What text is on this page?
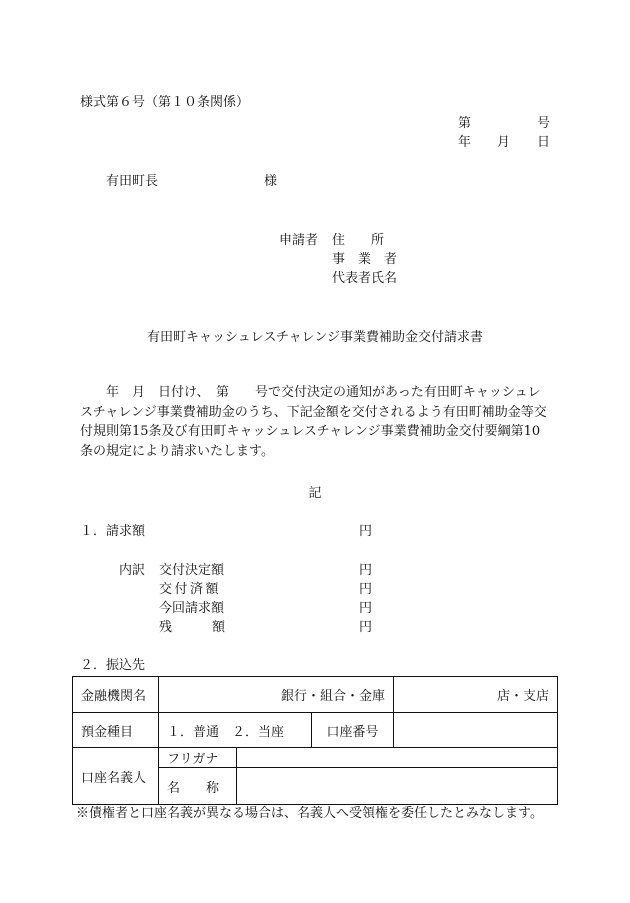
様式第６号（第１０条関係）

第	号

年 月 日

有田町長	様

申請者 住　　所

事　業　者

代表者氏名

有田町キャッシュレスチャレンジ事業費補助金交付請求書

年　月　日付け、　第　　号で交付決定の通知があった有田町キャッシュレスチャレンジ事業費補助金のうち、下記金額を交付されるよう有田町補助金等交付規則第15条及び有田町キャッシュレスチャレンジ事業費補助金交付要綱第10条の規定により請求いたします。

記

１．請求額	円

内訳 交付決定額	円

交付済額	円

今回請求額	円

残額	円

２．振込先

金融機関名	銀行・組合・金庫			店・支店
預金種目	１．普通　２．当座		口座番号	
口座名義人	フリガナ			
	名　　称			

※債権者と口座名義が異なる場合は、名義人へ受領権を委任したとみなします。
